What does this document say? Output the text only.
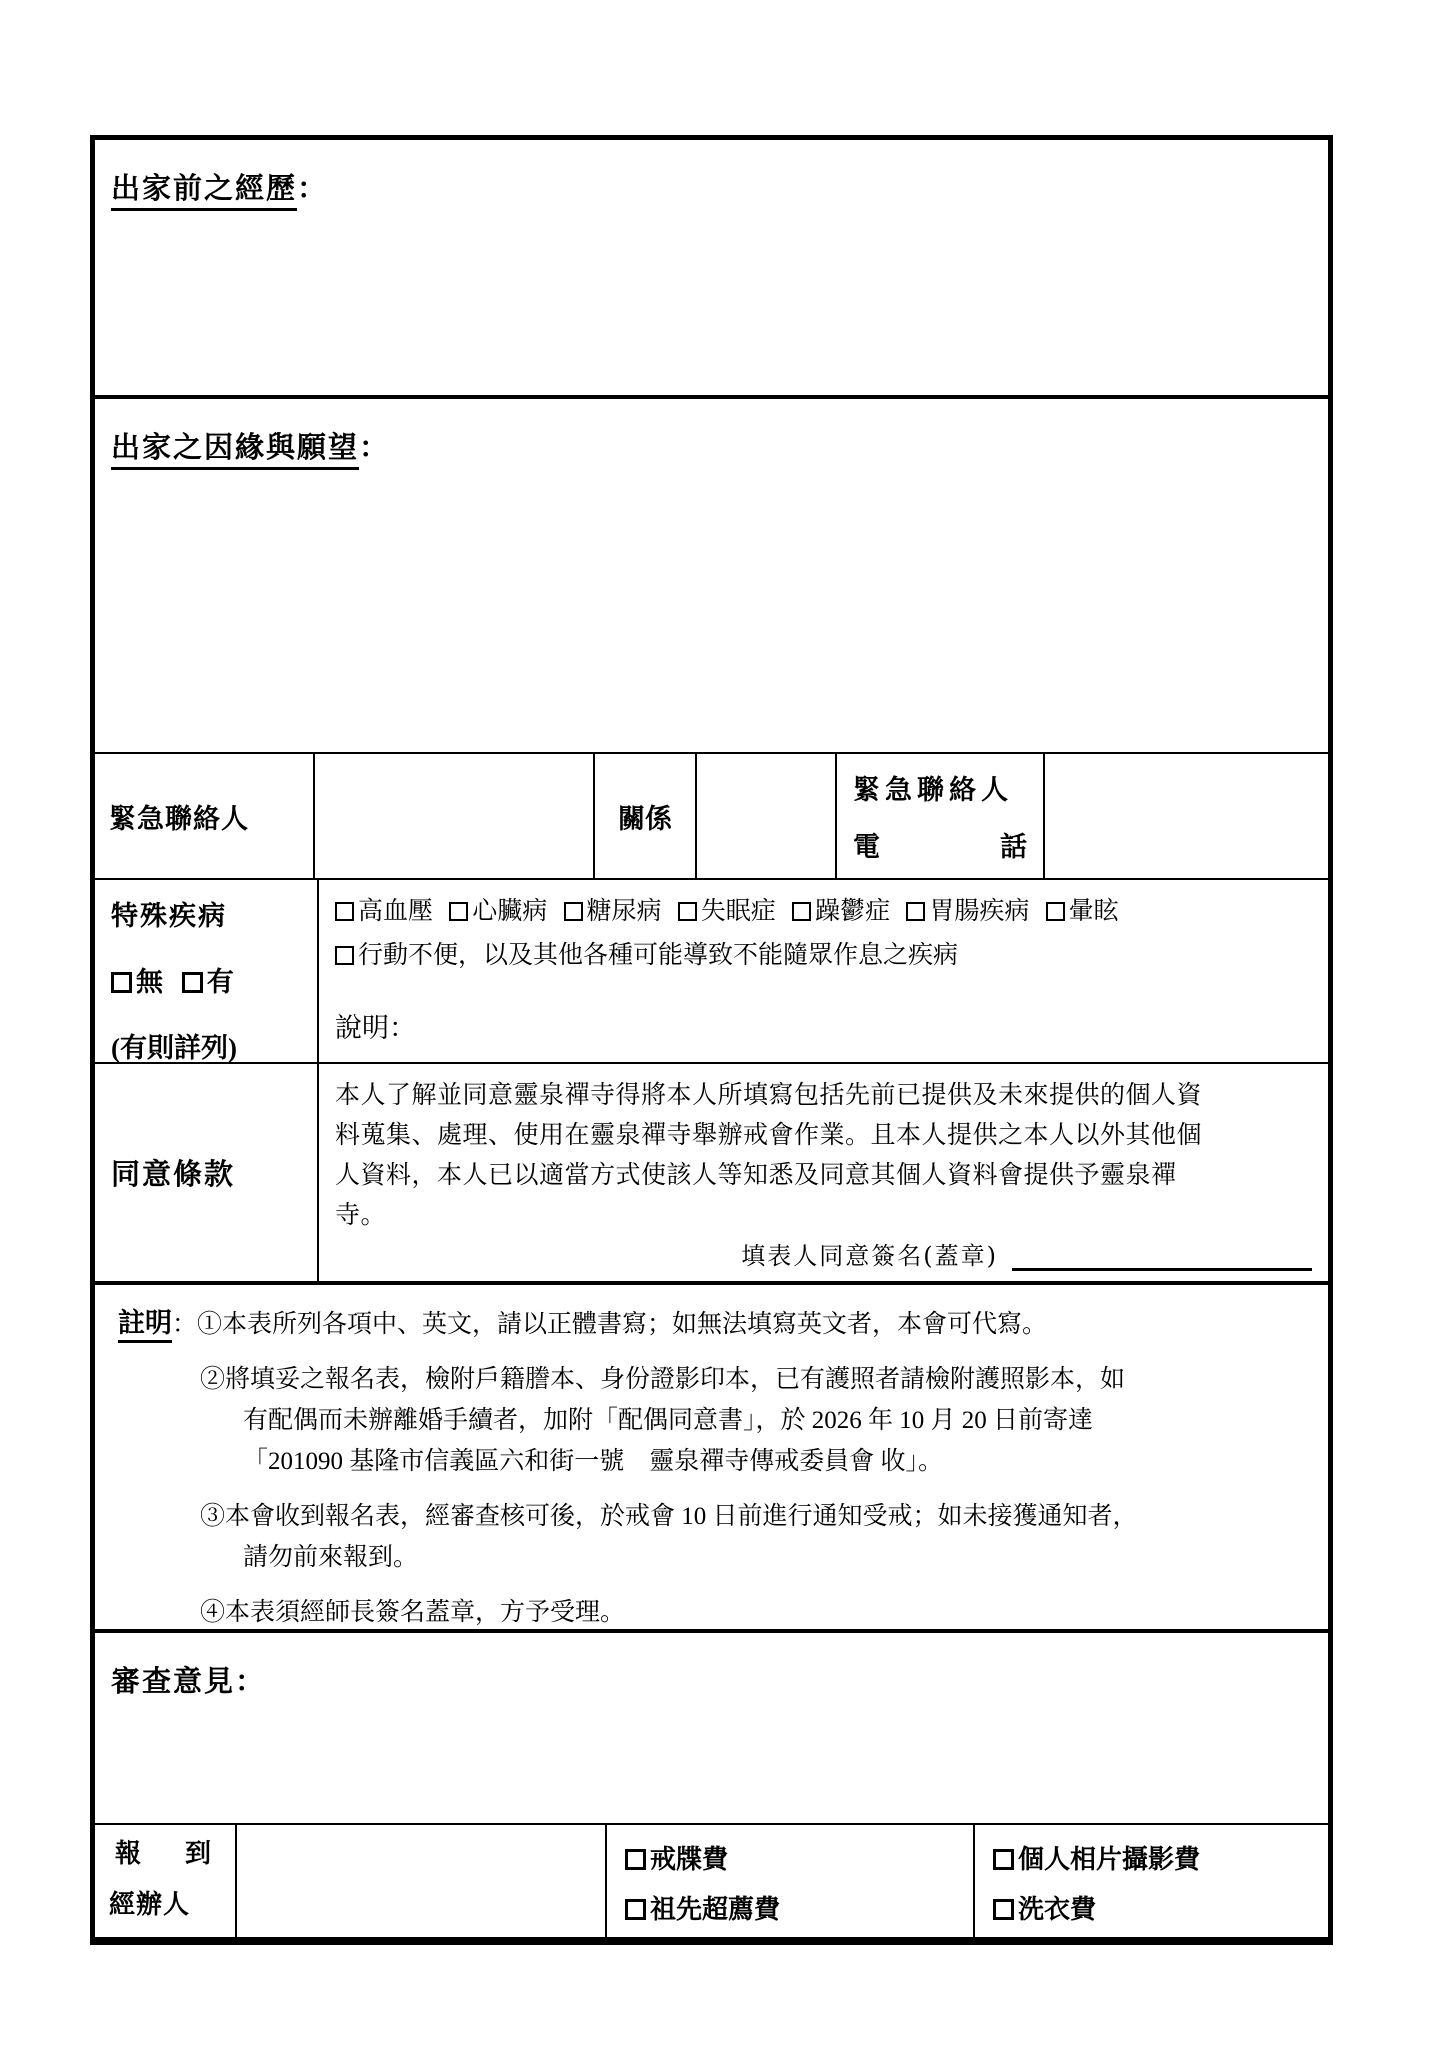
出家前之經歷：
出家之因緣與願望：
緊急聯絡人	關係
緊急聯絡人
電	話
特殊疾病
無 有
(有則詳列)
高血壓 心臟病 糖尿病 失眠症 躁鬱症 胃腸疾病 暈眩
行動不便，以及其他各種可能導致不能隨眾作息之疾病
說明：
同意條款
本人了解並同意靈泉禪寺得將本人所填寫包括先前已提供及未來提供的個人資
料蒐集、處理、使用在靈泉禪寺舉辦戒會作業。且本人提供之本人以外其他個
人資料，本人已以適當方式使該人等知悉及同意其個人資料會提供予靈泉禪
寺。
填表人同意簽名(蓋章)
註明：①本表所列各項中、英文，請以正體書寫；如無法填寫英文者，本會可代寫。
②將填妥之報名表，檢附戶籍謄本、身份證影印本，已有護照者請檢附護照影本，如
有配偶而未辦離婚手續者，加附「配偶同意書」，於 2026 年 10 月 20 日前寄達
「201090 基隆市信義區六和街一號　靈泉禪寺傳戒委員會 收」。
③本會收到報名表，經審查核可後，於戒會 10 日前進行通知受戒；如未接獲通知者，
請勿前來報到。
④本表須經師長簽名蓋章，方予受理。
審查意見：
報 到
經辦人
戒牒費
祖先超薦費
個人相片攝影費
洗衣費
